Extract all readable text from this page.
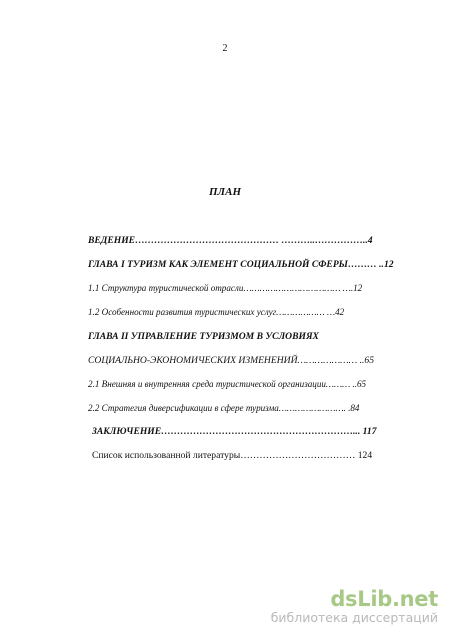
2
ПЛАН
ВЕДЕНИЕ……………………………………… ………..……………..4
ГЛАВА I ТУРИЗМ КАК ЭЛЕМЕНТ СОЦИАЛЬНОЙ СФЕРЫ……… ..12
1.1 Структура туристической отрасли……………………………… ….12
1.2 Особенности развития туристических услуг……………… …42
ГЛАВА II УПРАВЛЕНИЕ ТУРИЗМОМ В УСЛОВИЯХ
СОЦИАЛЬНО-ЭКОНОМИЧЕСКИХ ИЗМЕНЕНИЙ………………… ..65
2.1 Внешняя и внутренняя среда туристической организации……… ..65
2.2 Стратегия диверсификации в сфере туризма……………………. .84
ЗАКЛЮЧЕНИЕ……………………………………………………... 117
Список использованной литературы……………………………… 124
dsLib.net
библиотека диссертаций
